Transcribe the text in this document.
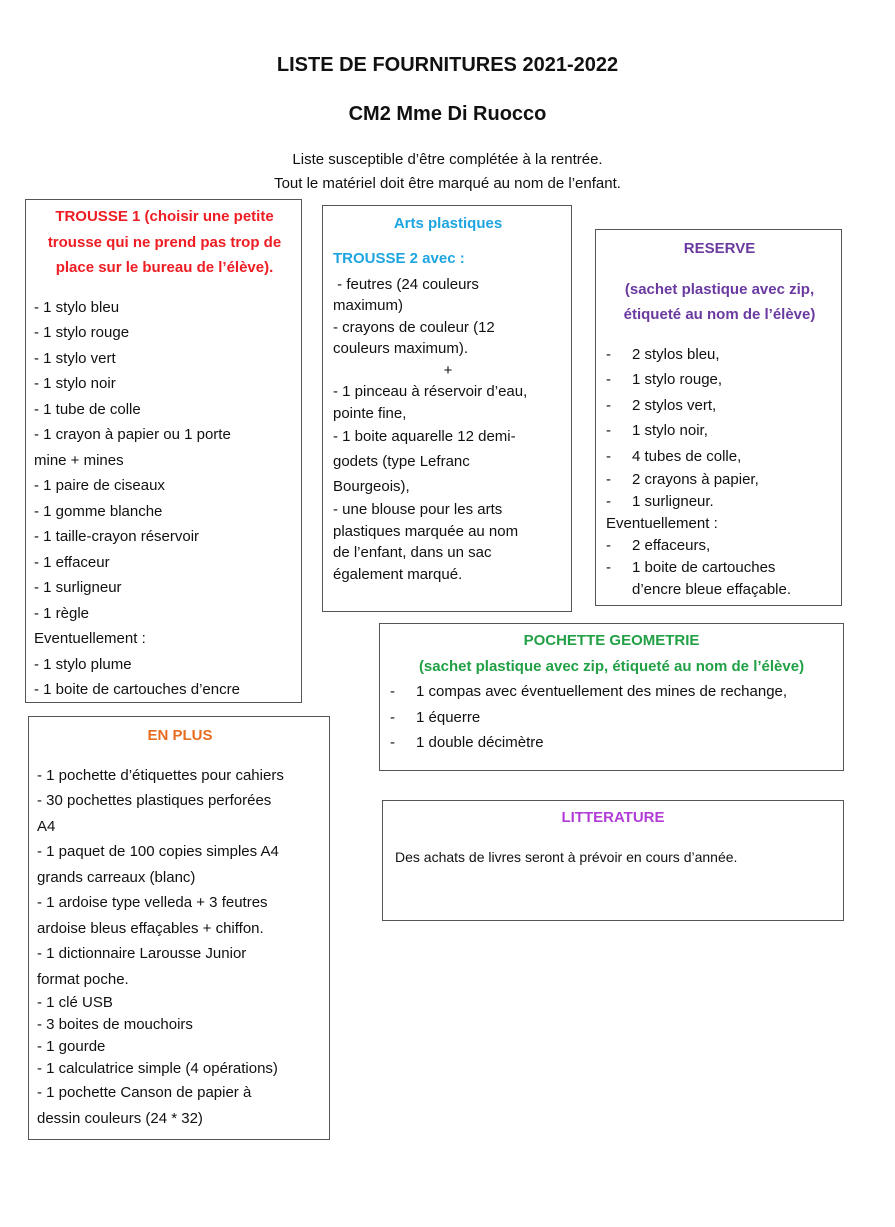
LISTE DE FOURNITURES 2021-2022
CM2 Mme Di Ruocco
Liste susceptible d’être complétée à la rentrée.
Tout le matériel doit être marqué au nom de l’enfant.
TROUSSE 1 (choisir une petite
trousse qui ne prend pas trop de
place sur le bureau de l’élève).
- 1 stylo bleu
- 1 stylo rouge
- 1 stylo vert
- 1 stylo noir
- 1 tube de colle
- 1 crayon à papier ou 1 porte
mine + mines
- 1 paire de ciseaux
- 1 gomme blanche
- 1 taille-crayon réservoir
- 1 effaceur
- 1 surligneur
- 1 règle
Eventuellement :
- 1 stylo plume
- 1 boite de cartouches d’encre
Arts plastiques
TROUSSE 2 avec :
- feutres (24 couleurs
maximum)
- crayons de couleur (12
couleurs maximum).
+
- 1 pinceau à réservoir d’eau,
pointe fine,
- 1 boite aquarelle 12 demi-
godets (type Lefranc
Bourgeois),
- une blouse pour les arts
plastiques marquée au nom
de l’enfant, dans un sac
également marqué.
RESERVE
(sachet plastique avec zip,
étiqueté au nom de l’élève)
-	2 stylos bleu,
-	1 stylo rouge,
-	2 stylos vert,
-	1 stylo noir,
-	4 tubes de colle,
-	2 crayons à papier,
-	1 surligneur.
Eventuellement :
-	2 effaceurs,
-	1 boite de cartouches
d’encre bleue effaçable.
POCHETTE GEOMETRIE
(sachet plastique avec zip, étiqueté au nom de l’élève)
-	1 compas avec éventuellement des mines de rechange,
-	1 équerre
-	1 double décimètre
EN PLUS
- 1 pochette d’étiquettes pour cahiers
- 30 pochettes plastiques perforées
A4
- 1 paquet de 100 copies simples A4
grands carreaux (blanc)
- 1 ardoise type velleda + 3 feutres
ardoise bleus effaçables + chiffon.
- 1 dictionnaire Larousse Junior
format poche.
- 1 clé USB
- 3 boites de mouchoirs
- 1 gourde
- 1 calculatrice simple (4 opérations)
- 1 pochette Canson de papier à
dessin couleurs (24 * 32)
LITTERATURE
Des achats de livres seront à prévoir en cours d’année.
